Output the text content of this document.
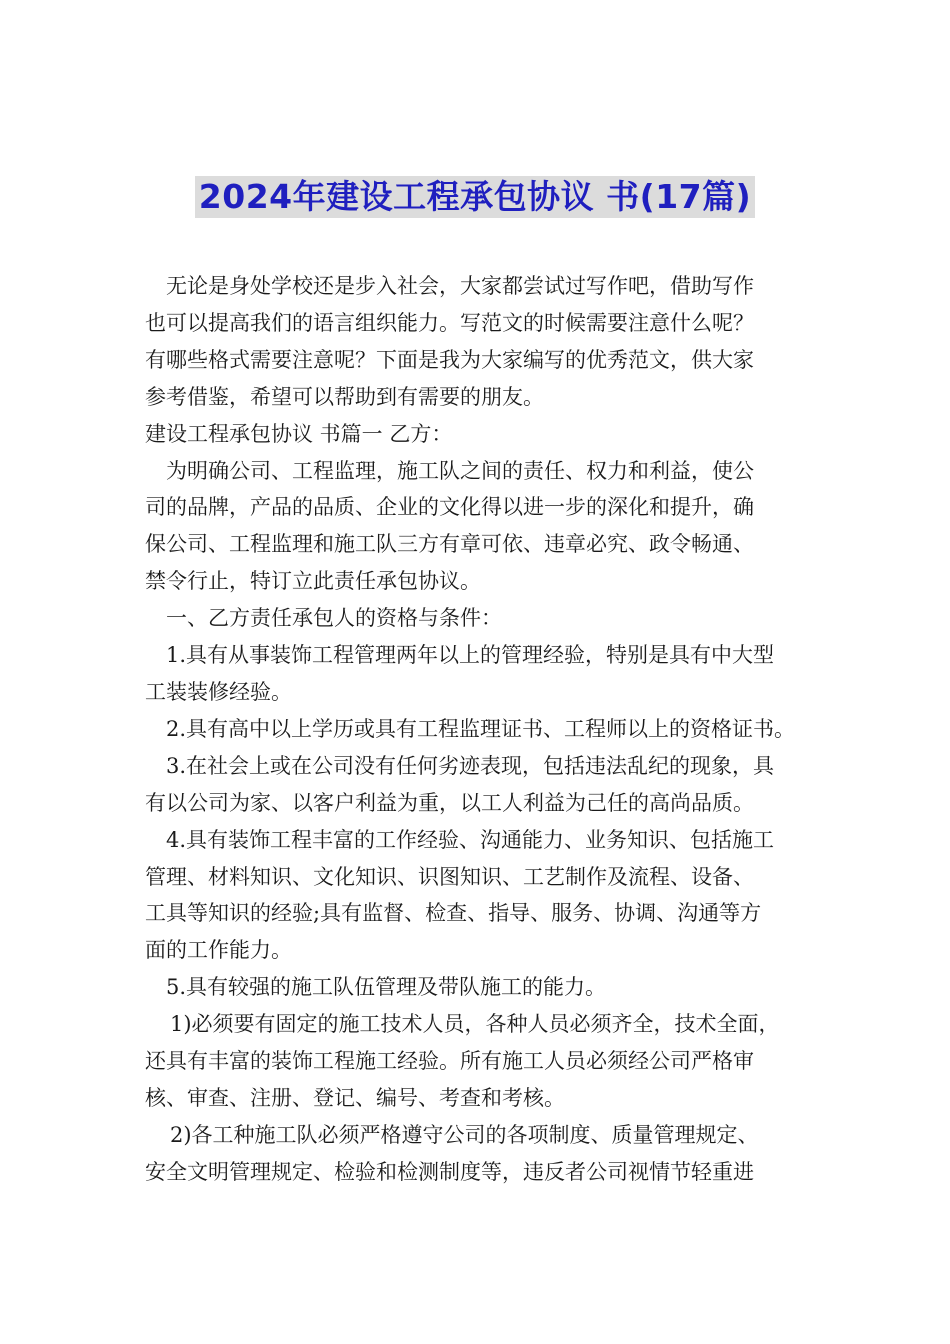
2024年建设工程承包协议 书(17篇)

无论是身处学校还是步入社会，大家都尝试过写作吧，借助写作

也可以提高我们的语言组织能力。写范文的时候需要注意什么呢？

有哪些格式需要注意呢？下面是我为大家编写的优秀范文，供大家

参考借鉴，希望可以帮助到有需要的朋友。

建设工程承包协议 书篇一 乙方：

为明确公司、工程监理，施工队之间的责任、权力和利益，使公

司的品牌，产品的品质、企业的文化得以进一步的深化和提升，确

保公司、工程监理和施工队三方有章可依、违章必究、政令畅通、

禁令行止，特订立此责任承包协议。

一、乙方责任承包人的资格与条件：

1.具有从事装饰工程管理两年以上的管理经验，特别是具有中大型

工装装修经验。

2.具有高中以上学历或具有工程监理证书、工程师以上的资格证书。

3.在社会上或在公司没有任何劣迹表现，包括违法乱纪的现象，具

有以公司为家、以客户利益为重，以工人利益为己任的高尚品质。

4.具有装饰工程丰富的工作经验、沟通能力、业务知识、包括施工

管理、材料知识、文化知识、识图知识、工艺制作及流程、设备、

工具等知识的经验;具有监督、检查、指导、服务、协调、沟通等方

面的工作能力。

5.具有较强的施工队伍管理及带队施工的能力。

1)必须要有固定的施工技术人员，各种人员必须齐全，技术全面，

还具有丰富的装饰工程施工经验。所有施工人员必须经公司严格审

核、审查、注册、登记、编号、考查和考核。

2)各工种施工队必须严格遵守公司的各项制度、质量管理规定、

安全文明管理规定、检验和检测制度等，违反者公司视情节轻重进
